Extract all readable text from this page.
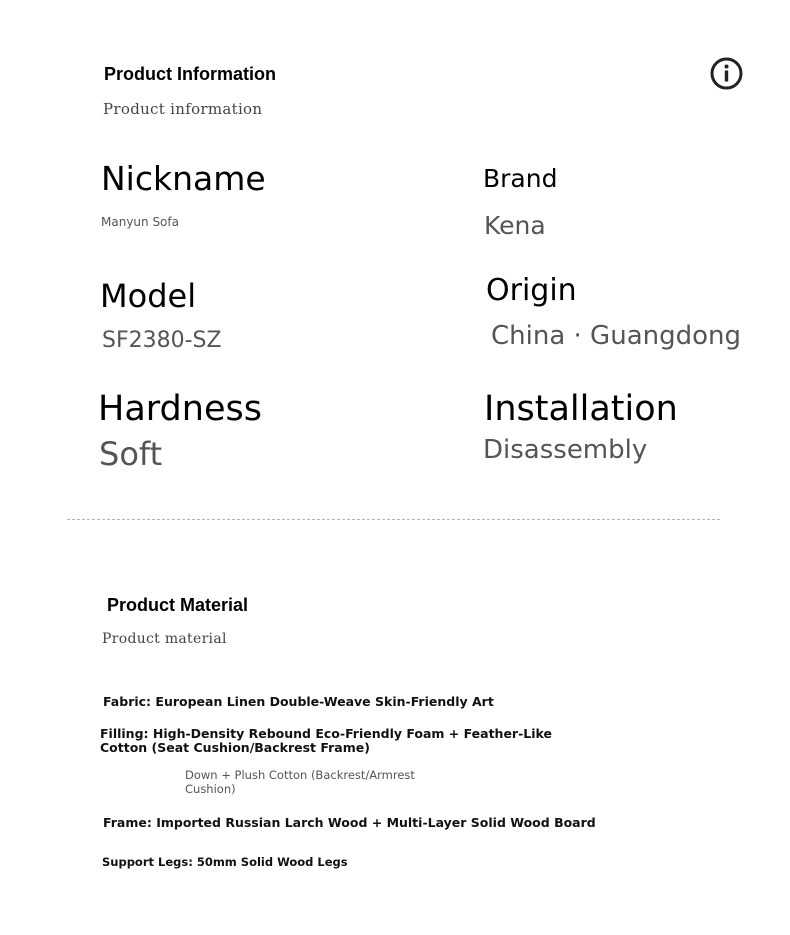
Product Information
Product information
Nickname
Manyun Sofa
Brand
Kena
Model
SF2380-SZ
Origin
China · Guangdong
Hardness
Soft
Installation
Disassembly
Product Material
Product material
Fabric: European Linen Double-Weave Skin-Friendly Art
Filling: High-Density Rebound Eco-Friendly Foam + Feather-Like Cotton (Seat Cushion/Backrest Frame)
Down + Plush Cotton (Backrest/Armrest Cushion)
Frame: Imported Russian Larch Wood + Multi-Layer Solid Wood Board
Support Legs: 50mm Solid Wood Legs
